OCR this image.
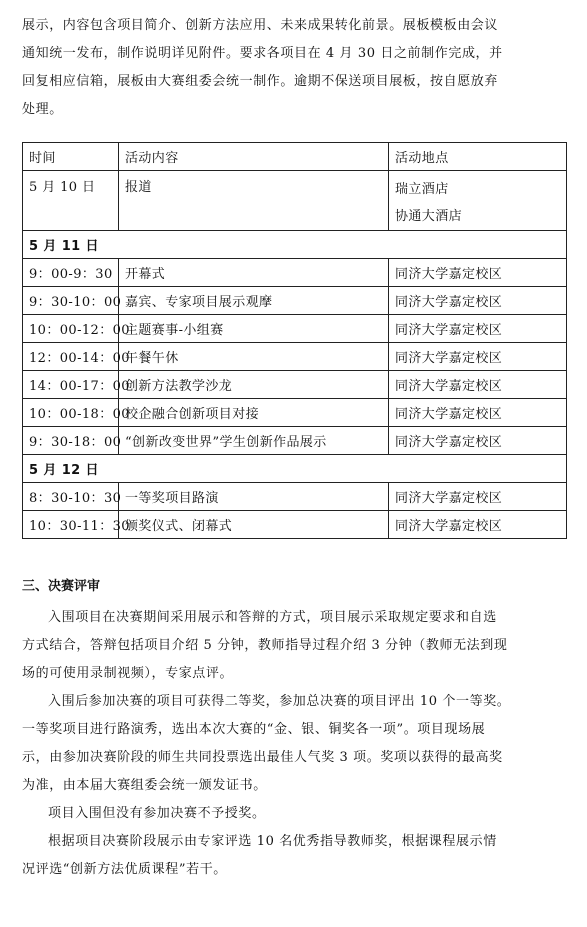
展示，内容包含项目简介、创新方法应用、未来成果转化前景。展板模板由会议
通知统一发布，制作说明详见附件。要求各项目在 4 月 30 日之前制作完成，并
回复相应信箱，展板由大赛组委会统一制作。逾期不保送项目展板，按自愿放弃
处理。

时间	活动内容	活动地点
5 月 10 日	报道	瑞立酒店
协通大酒店

5 月 11 日		
9：00-9：30	开幕式	同济大学嘉定校区
9：30-10：00	嘉宾、专家项目展示观摩	同济大学嘉定校区
10：00-12：00	主题赛事-小组赛	同济大学嘉定校区
12：00-14：00	午餐午休	同济大学嘉定校区
14：00-17：00	创新方法教学沙龙	同济大学嘉定校区
10：00-18：00	校企融合创新项目对接	同济大学嘉定校区
9：30-18：00	“创新改变世界”学生创新作品展示	同济大学嘉定校区
5 月 12 日		
8：30-10：30	一等奖项目路演	同济大学嘉定校区
10：30-11：30	颁奖仪式、闭幕式	同济大学嘉定校区
三、决赛评审

入围项目在决赛期间采用展示和答辩的方式，项目展示采取规定要求和自选
方式结合，答辩包括项目介绍 5 分钟，教师指导过程介绍 3 分钟（教师无法到现
场的可使用录制视频），专家点评。

入围后参加决赛的项目可获得二等奖，参加总决赛的项目评出 10 个一等奖。
一等奖项目进行路演秀，选出本次大赛的“金、银、铜奖各一项”。项目现场展
示，由参加决赛阶段的师生共同投票选出最佳人气奖 3 项。奖项以获得的最高奖
为准，由本届大赛组委会统一颁发证书。

项目入围但没有参加决赛不予授奖。

根据项目决赛阶段展示由专家评选 10 名优秀指导教师奖，根据课程展示情
况评选“创新方法优质课程”若干。
